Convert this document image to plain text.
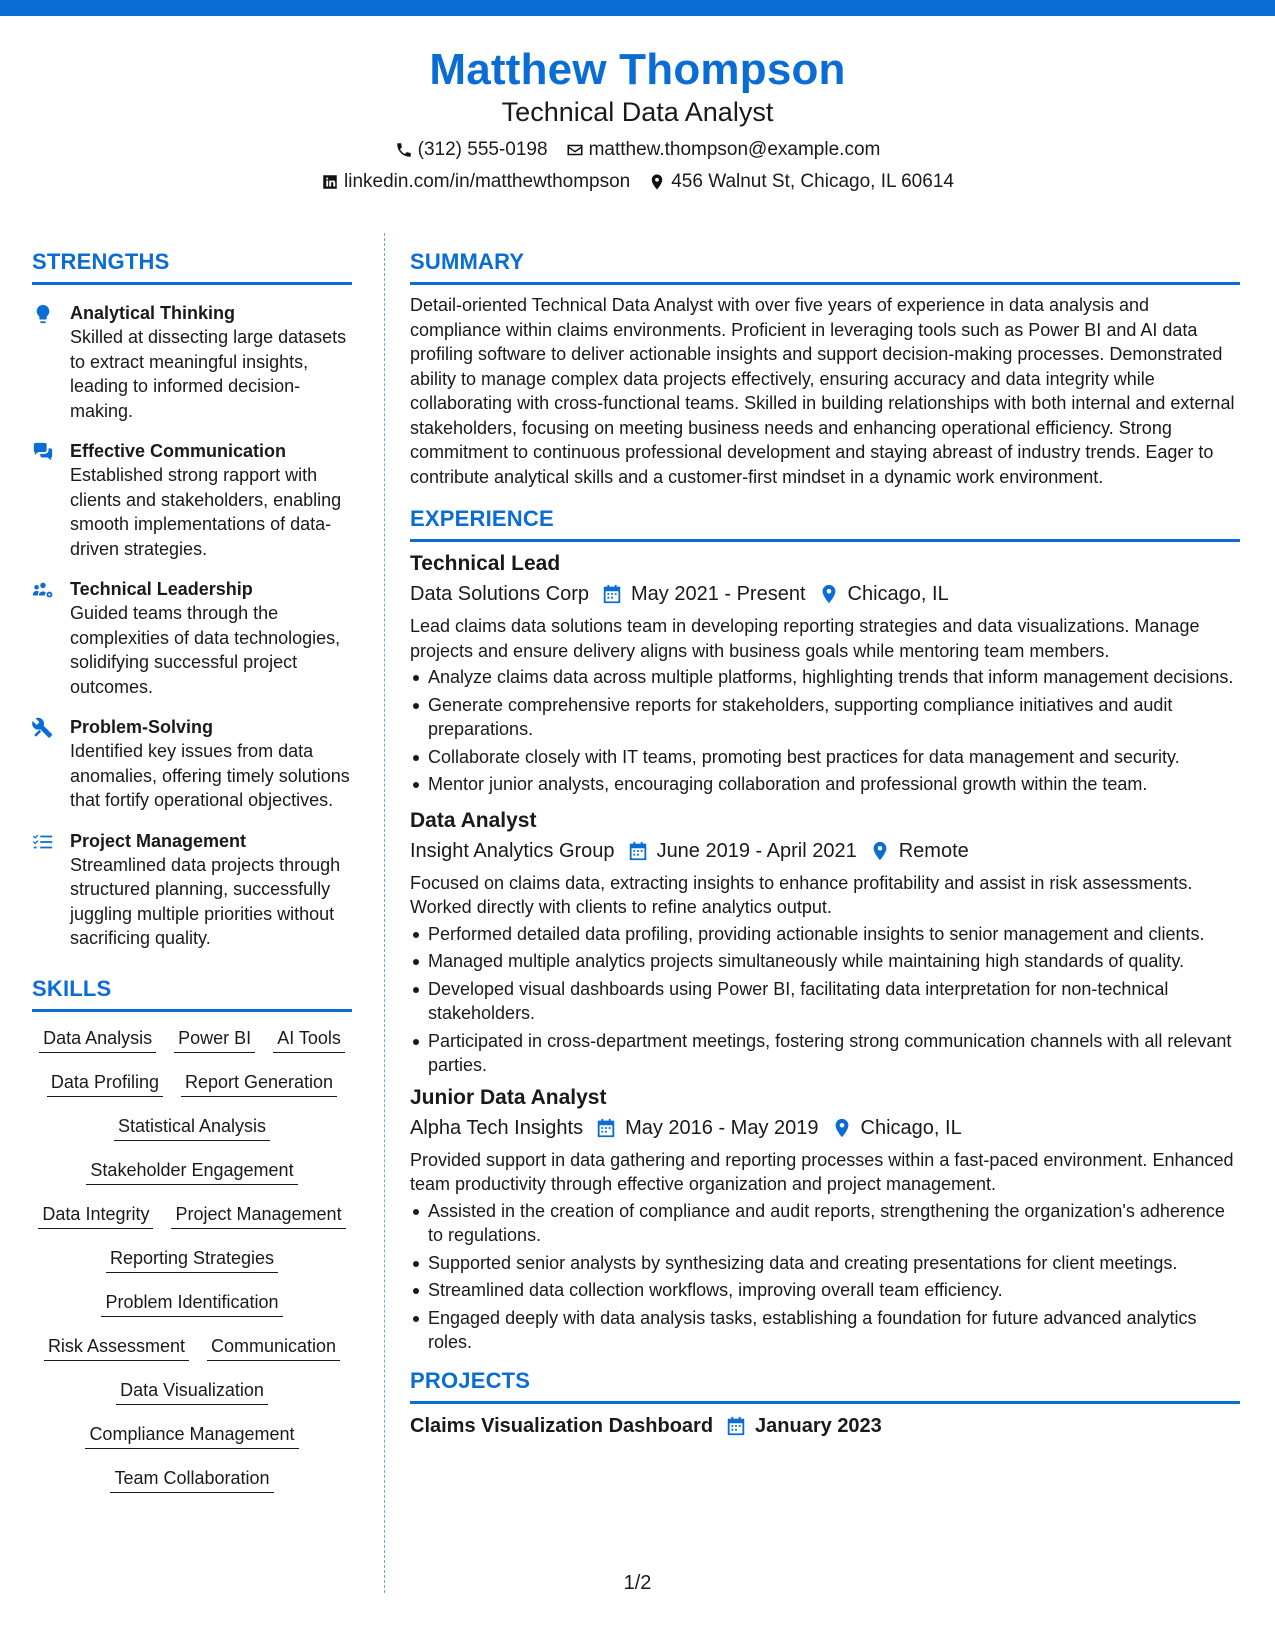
Matthew Thompson
Technical Data Analyst
(312) 555-0198 matthew.thompson@example.com
linkedin.com/in/matthewthompson 456 Walnut St, Chicago, IL 60614
STRENGTHS
Analytical Thinking
Skilled at dissecting large datasets to extract meaningful insights, leading to informed decision-making.
Effective Communication
Established strong rapport with clients and stakeholders, enabling smooth implementations of data-driven strategies.
Technical Leadership
Guided teams through the complexities of data technologies, solidifying successful project outcomes.
Problem-Solving
Identified key issues from data anomalies, offering timely solutions that fortify operational objectives.
Project Management
Streamlined data projects through structured planning, successfully juggling multiple priorities without sacrificing quality.
SKILLS
Data Analysis Power BI AI Tools
Data Profiling Report Generation
Statistical Analysis
Stakeholder Engagement
Data Integrity Project Management
Reporting Strategies
Problem Identification
Risk Assessment Communication
Data Visualization
Compliance Management
Team Collaboration
SUMMARY
Detail-oriented Technical Data Analyst with over five years of experience in data analysis and compliance within claims environments. Proficient in leveraging tools such as Power BI and AI data profiling software to deliver actionable insights and support decision-making processes. Demonstrated ability to manage complex data projects effectively, ensuring accuracy and data integrity while collaborating with cross-functional teams. Skilled in building relationships with both internal and external stakeholders, focusing on meeting business needs and enhancing operational efficiency. Strong commitment to continuous professional development and staying abreast of industry trends. Eager to contribute analytical skills and a customer-first mindset in a dynamic work environment.
EXPERIENCE
Technical Lead
Data Solutions Corp May 2021 - Present Chicago, IL
Lead claims data solutions team in developing reporting strategies and data visualizations. Manage projects and ensure delivery aligns with business goals while mentoring team members.
Analyze claims data across multiple platforms, highlighting trends that inform management decisions.
Generate comprehensive reports for stakeholders, supporting compliance initiatives and audit preparations.
Collaborate closely with IT teams, promoting best practices for data management and security.
Mentor junior analysts, encouraging collaboration and professional growth within the team.
Data Analyst
Insight Analytics Group June 2019 - April 2021 Remote
Focused on claims data, extracting insights to enhance profitability and assist in risk assessments. Worked directly with clients to refine analytics output.
Performed detailed data profiling, providing actionable insights to senior management and clients.
Managed multiple analytics projects simultaneously while maintaining high standards of quality.
Developed visual dashboards using Power BI, facilitating data interpretation for non-technical stakeholders.
Participated in cross-department meetings, fostering strong communication channels with all relevant parties.
Junior Data Analyst
Alpha Tech Insights May 2016 - May 2019 Chicago, IL
Provided support in data gathering and reporting processes within a fast-paced environment. Enhanced team productivity through effective organization and project management.
Assisted in the creation of compliance and audit reports, strengthening the organization's adherence to regulations.
Supported senior analysts by synthesizing data and creating presentations for client meetings.
Streamlined data collection workflows, improving overall team efficiency.
Engaged deeply with data analysis tasks, establishing a foundation for future advanced analytics roles.
PROJECTS
Claims Visualization Dashboard January 2023
1/2
